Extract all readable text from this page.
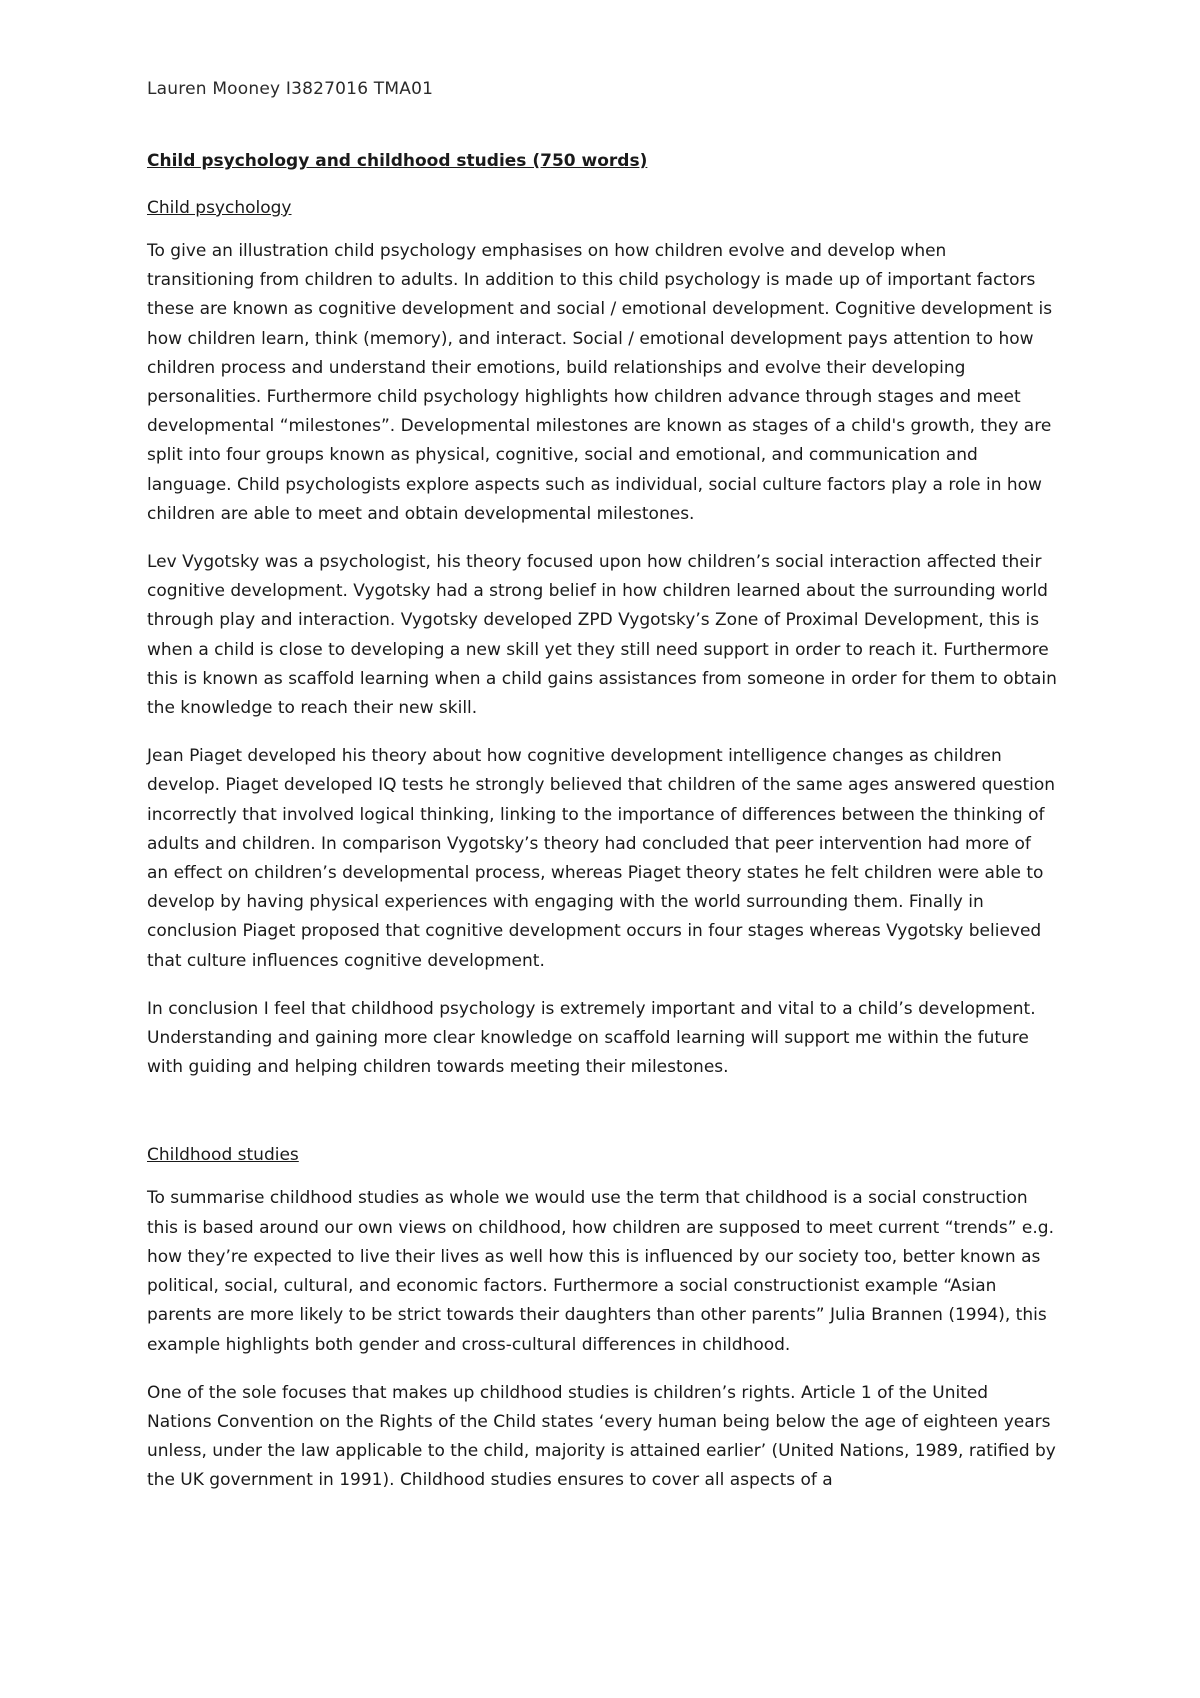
Lauren Mooney I3827016 TMA01
Child psychology and childhood studies (750 words)
Child psychology

To give an illustration child psychology emphasises on how children evolve and develop when transitioning from children to adults. In addition to this child psychology is made up of important factors these are known as cognitive development and social / emotional development. Cognitive development is how children learn, think (memory), and interact. Social / emotional development pays attention to how children process and understand their emotions, build relationships and evolve their developing personalities. Furthermore child psychology highlights how children advance through stages and meet developmental “milestones”. Developmental milestones are known as stages of a child's growth, they are split into four groups known as physical, cognitive, social and emotional, and communication and language. Child psychologists explore aspects such as individual, social culture factors play a role in how children are able to meet and obtain developmental milestones.

Lev Vygotsky was a psychologist, his theory focused upon how children’s social interaction affected their cognitive development. Vygotsky had a strong belief in how children learned about the surrounding world through play and interaction. Vygotsky developed ZPD Vygotsky’s Zone of Proximal Development, this is when a child is close to developing a new skill yet they still need support in order to reach it. Furthermore this is known as scaffold learning when a child gains assistances from someone in order for them to obtain the knowledge to reach their new skill.

Jean Piaget developed his theory about how cognitive development intelligence changes as children develop. Piaget developed IQ tests he strongly believed that children of the same ages answered question incorrectly that involved logical thinking, linking to the importance of differences between the thinking of adults and children. In comparison Vygotsky’s theory had concluded that peer intervention had more of an effect on children’s developmental process, whereas Piaget theory states he felt children were able to develop by having physical experiences with engaging with the world surrounding them. Finally in conclusion Piaget proposed that cognitive development occurs in four stages whereas Vygotsky believed that culture influences cognitive development.

In conclusion I feel that childhood psychology is extremely important and vital to a child’s development. Understanding and gaining more clear knowledge on scaffold learning will support me within the future with guiding and helping children towards meeting their milestones.

Childhood studies

To summarise childhood studies as whole we would use the term that childhood is a social construction this is based around our own views on childhood, how children are supposed to meet current “trends” e.g. how they’re expected to live their lives as well how this is influenced by our society too, better known as political, social, cultural, and economic factors. Furthermore a social constructionist example “Asian parents are more likely to be strict towards their daughters than other parents” Julia Brannen (1994), this example highlights both gender and cross-cultural differences in childhood.

One of the sole focuses that makes up childhood studies is children’s rights. Article 1 of the United Nations Convention on the Rights of the Child states ‘every human being below the age of eighteen years unless, under the law applicable to the child, majority is attained earlier’ (United Nations, 1989, ratified by the UK government in 1991). Childhood studies ensures to cover all aspects of a
